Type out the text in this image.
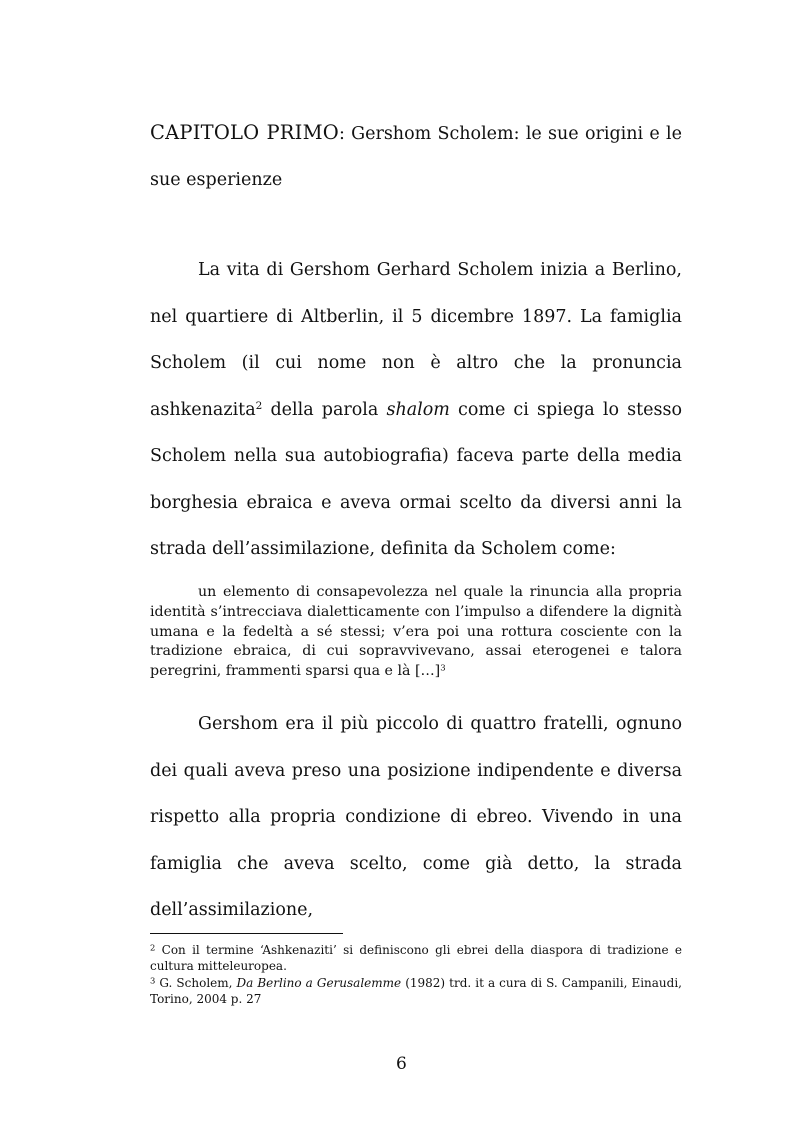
CAPITOLO PRIMO: Gershom Scholem: le sue origini e le sue esperienze

La vita di Gershom Gerhard Scholem inizia a Berlino, nel quartiere di Altberlin, il 5 dicembre 1897. La famiglia Scholem (il cui nome non è altro che la pronuncia ashkenazita$^2$ della parola shalom come ci spiega lo stesso Scholem nella sua autobiografia) faceva parte della media borghesia ebraica e aveva ormai scelto da diversi anni la strada dell’assimilazione, definita da Scholem come:

un elemento di consapevolezza nel quale la rinuncia alla propria identità s’intrecciava dialetticamente con l’impulso a difendere la dignità umana e la fedeltà a sé stessi; v’era poi una rottura cosciente con la tradizione ebraica, di cui sopravvivevano, assai eterogenei e talora peregrini, frammenti sparsi qua e là […]$^3$

Gershom era il più piccolo di quattro fratelli, ognuno dei quali aveva preso una posizione indipendente e diversa rispetto alla propria condizione di ebreo. Vivendo in una famiglia che aveva scelto, come già detto, la strada dell’assimilazione,

$^2$ Con il termine ‘Ashkenaziti’ si definiscono gli ebrei della diaspora di tradizione e cultura mitteleuropea.

$^3$ G. Scholem, Da Berlino a Gerusalemme (1982) trd. it a cura di S. Campanili, Einaudi, Torino, 2004 p. 27

6
